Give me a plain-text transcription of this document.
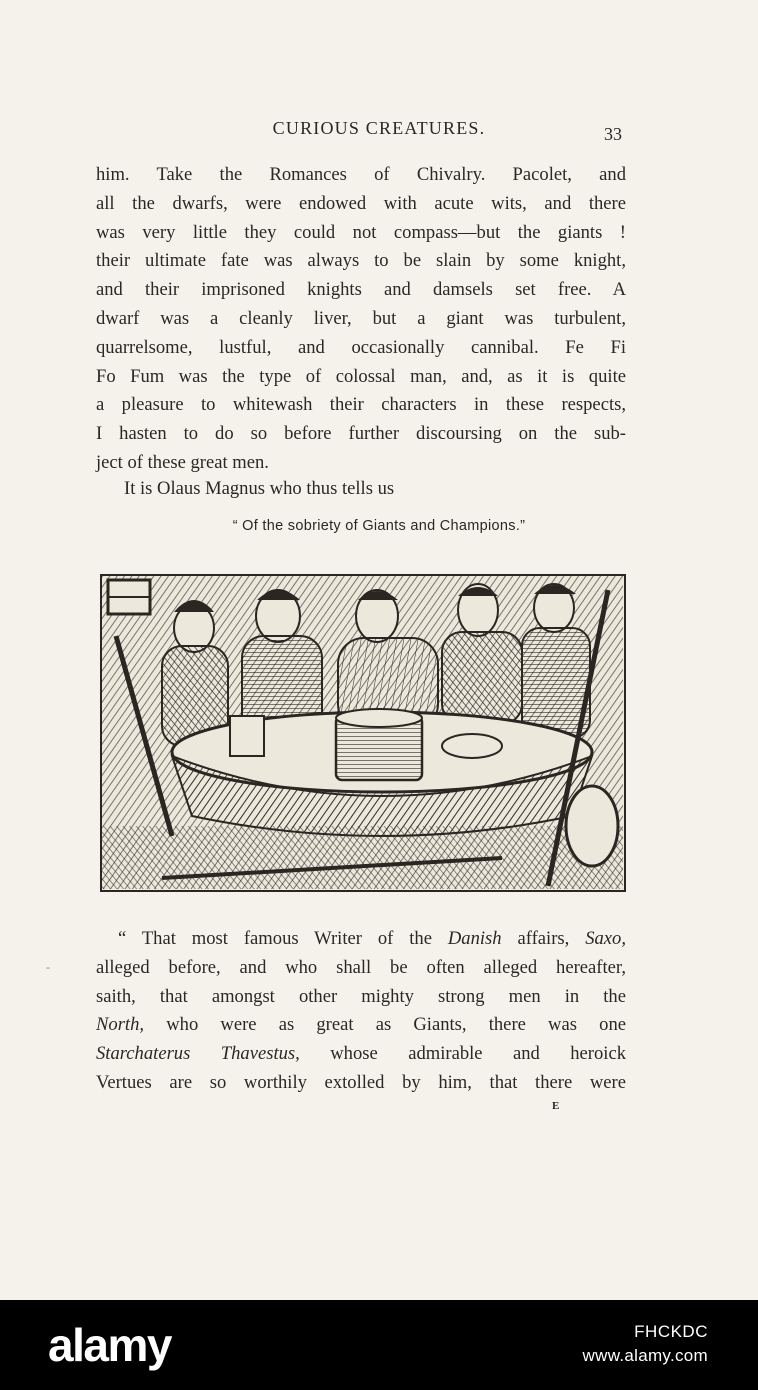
CURIOUS CREATURES.	33
him. Take the Romances of Chivalry. Pacolet, and
all the dwarfs, were endowed with acute wits, and there
was very little they could not compass—but the giants !
their ultimate fate was always to be slain by some knight,
and their imprisoned knights and damsels set free. A
dwarf was a cleanly liver, but a giant was turbulent,
quarrelsome, lustful, and occasionally cannibal. Fe Fi
Fo Fum was the type of colossal man, and, as it is quite
a pleasure to whitewash their characters in these respects,
I hasten to do so before further discoursing on the sub-
ject of these great men.
It is Olaus Magnus who thus tells us
“ Of the sobriety of Giants and Champions.”
“ That most famous Writer of the Danish affairs, Saxo,
alleged before, and who shall be often alleged hereafter,
saith, that amongst other mighty strong men in the
North, who were as great as Giants, there was one
Starchaterus Thavestus, whose admirable and heroick
Vertues are so worthily extolled by him, that there were
E
-
alamy	FHCKDC
www.alamy.com
